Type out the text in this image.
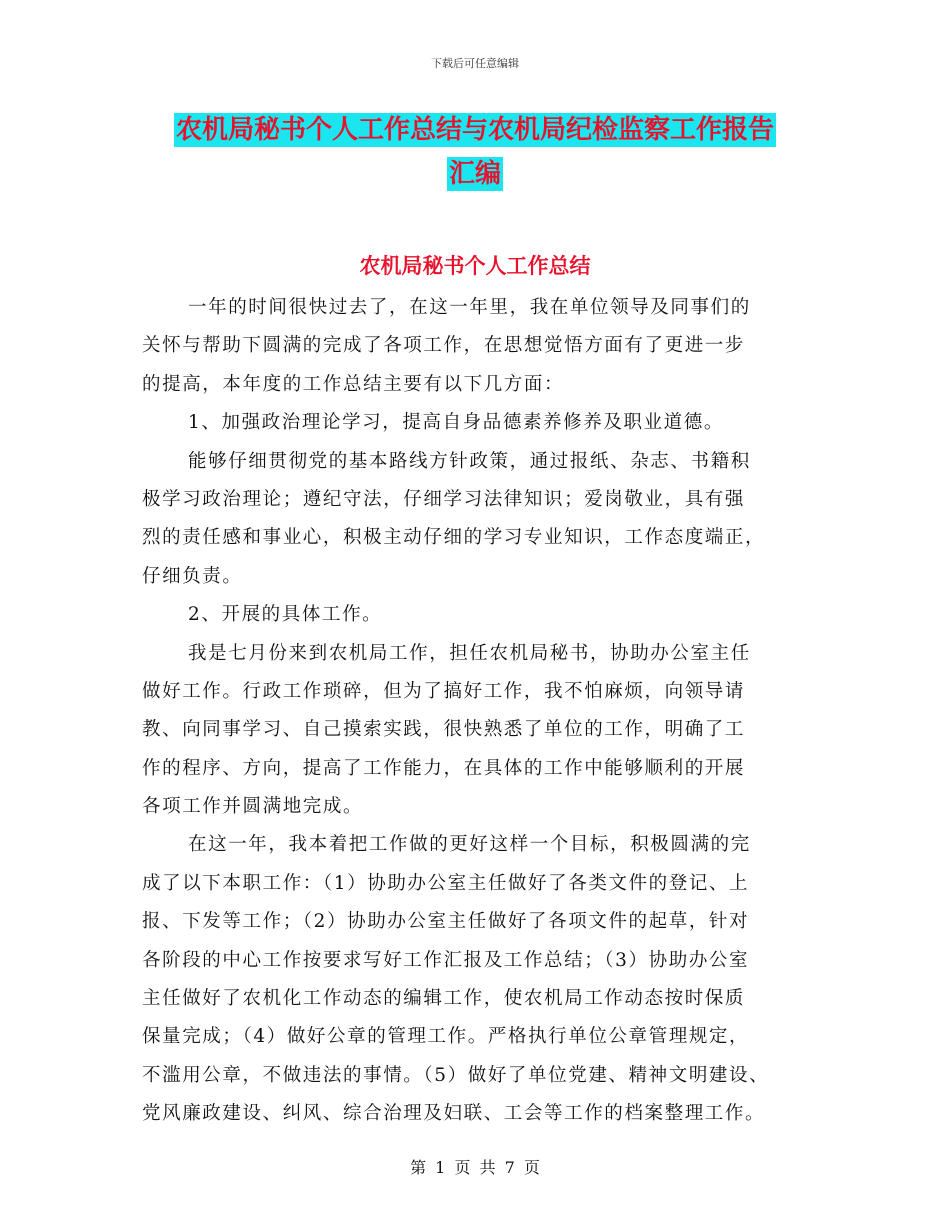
下载后可任意编辑
农机局秘书个人工作总结与农机局纪检监察工作报告
汇编
农机局秘书个人工作总结
一年的时间很快过去了，在这一年里，我在单位领导及同事们的
关怀与帮助下圆满的完成了各项工作，在思想觉悟方面有了更进一步
的提高，本年度的工作总结主要有以下几方面：
1、加强政治理论学习，提高自身品德素养修养及职业道德。
能够仔细贯彻党的基本路线方针政策，通过报纸、杂志、书籍积
极学习政治理论；遵纪守法，仔细学习法律知识；爱岗敬业，具有强
烈的责任感和事业心，积极主动仔细的学习专业知识，工作态度端正，
仔细负责。
2、开展的具体工作。
我是七月份来到农机局工作，担任农机局秘书，协助办公室主任
做好工作。行政工作琐碎，但为了搞好工作，我不怕麻烦，向领导请
教、向同事学习、自己摸索实践，很快熟悉了单位的工作，明确了工
作的程序、方向，提高了工作能力，在具体的工作中能够顺利的开展
各项工作并圆满地完成。
在这一年，我本着把工作做的更好这样一个目标，积极圆满的完
成了以下本职工作：（1）协助办公室主任做好了各类文件的登记、上
报、下发等工作；（2）协助办公室主任做好了各项文件的起草，针对
各阶段的中心工作按要求写好工作汇报及工作总结；（3）协助办公室
主任做好了农机化工作动态的编辑工作，使农机局工作动态按时保质
保量完成；（4）做好公章的管理工作。严格执行单位公章管理规定，
不滥用公章，不做违法的事情。（5）做好了单位党建、精神文明建设、
党风廉政建设、纠风、综合治理及妇联、工会等工作的档案整理工作。
第 1 页 共 7 页
